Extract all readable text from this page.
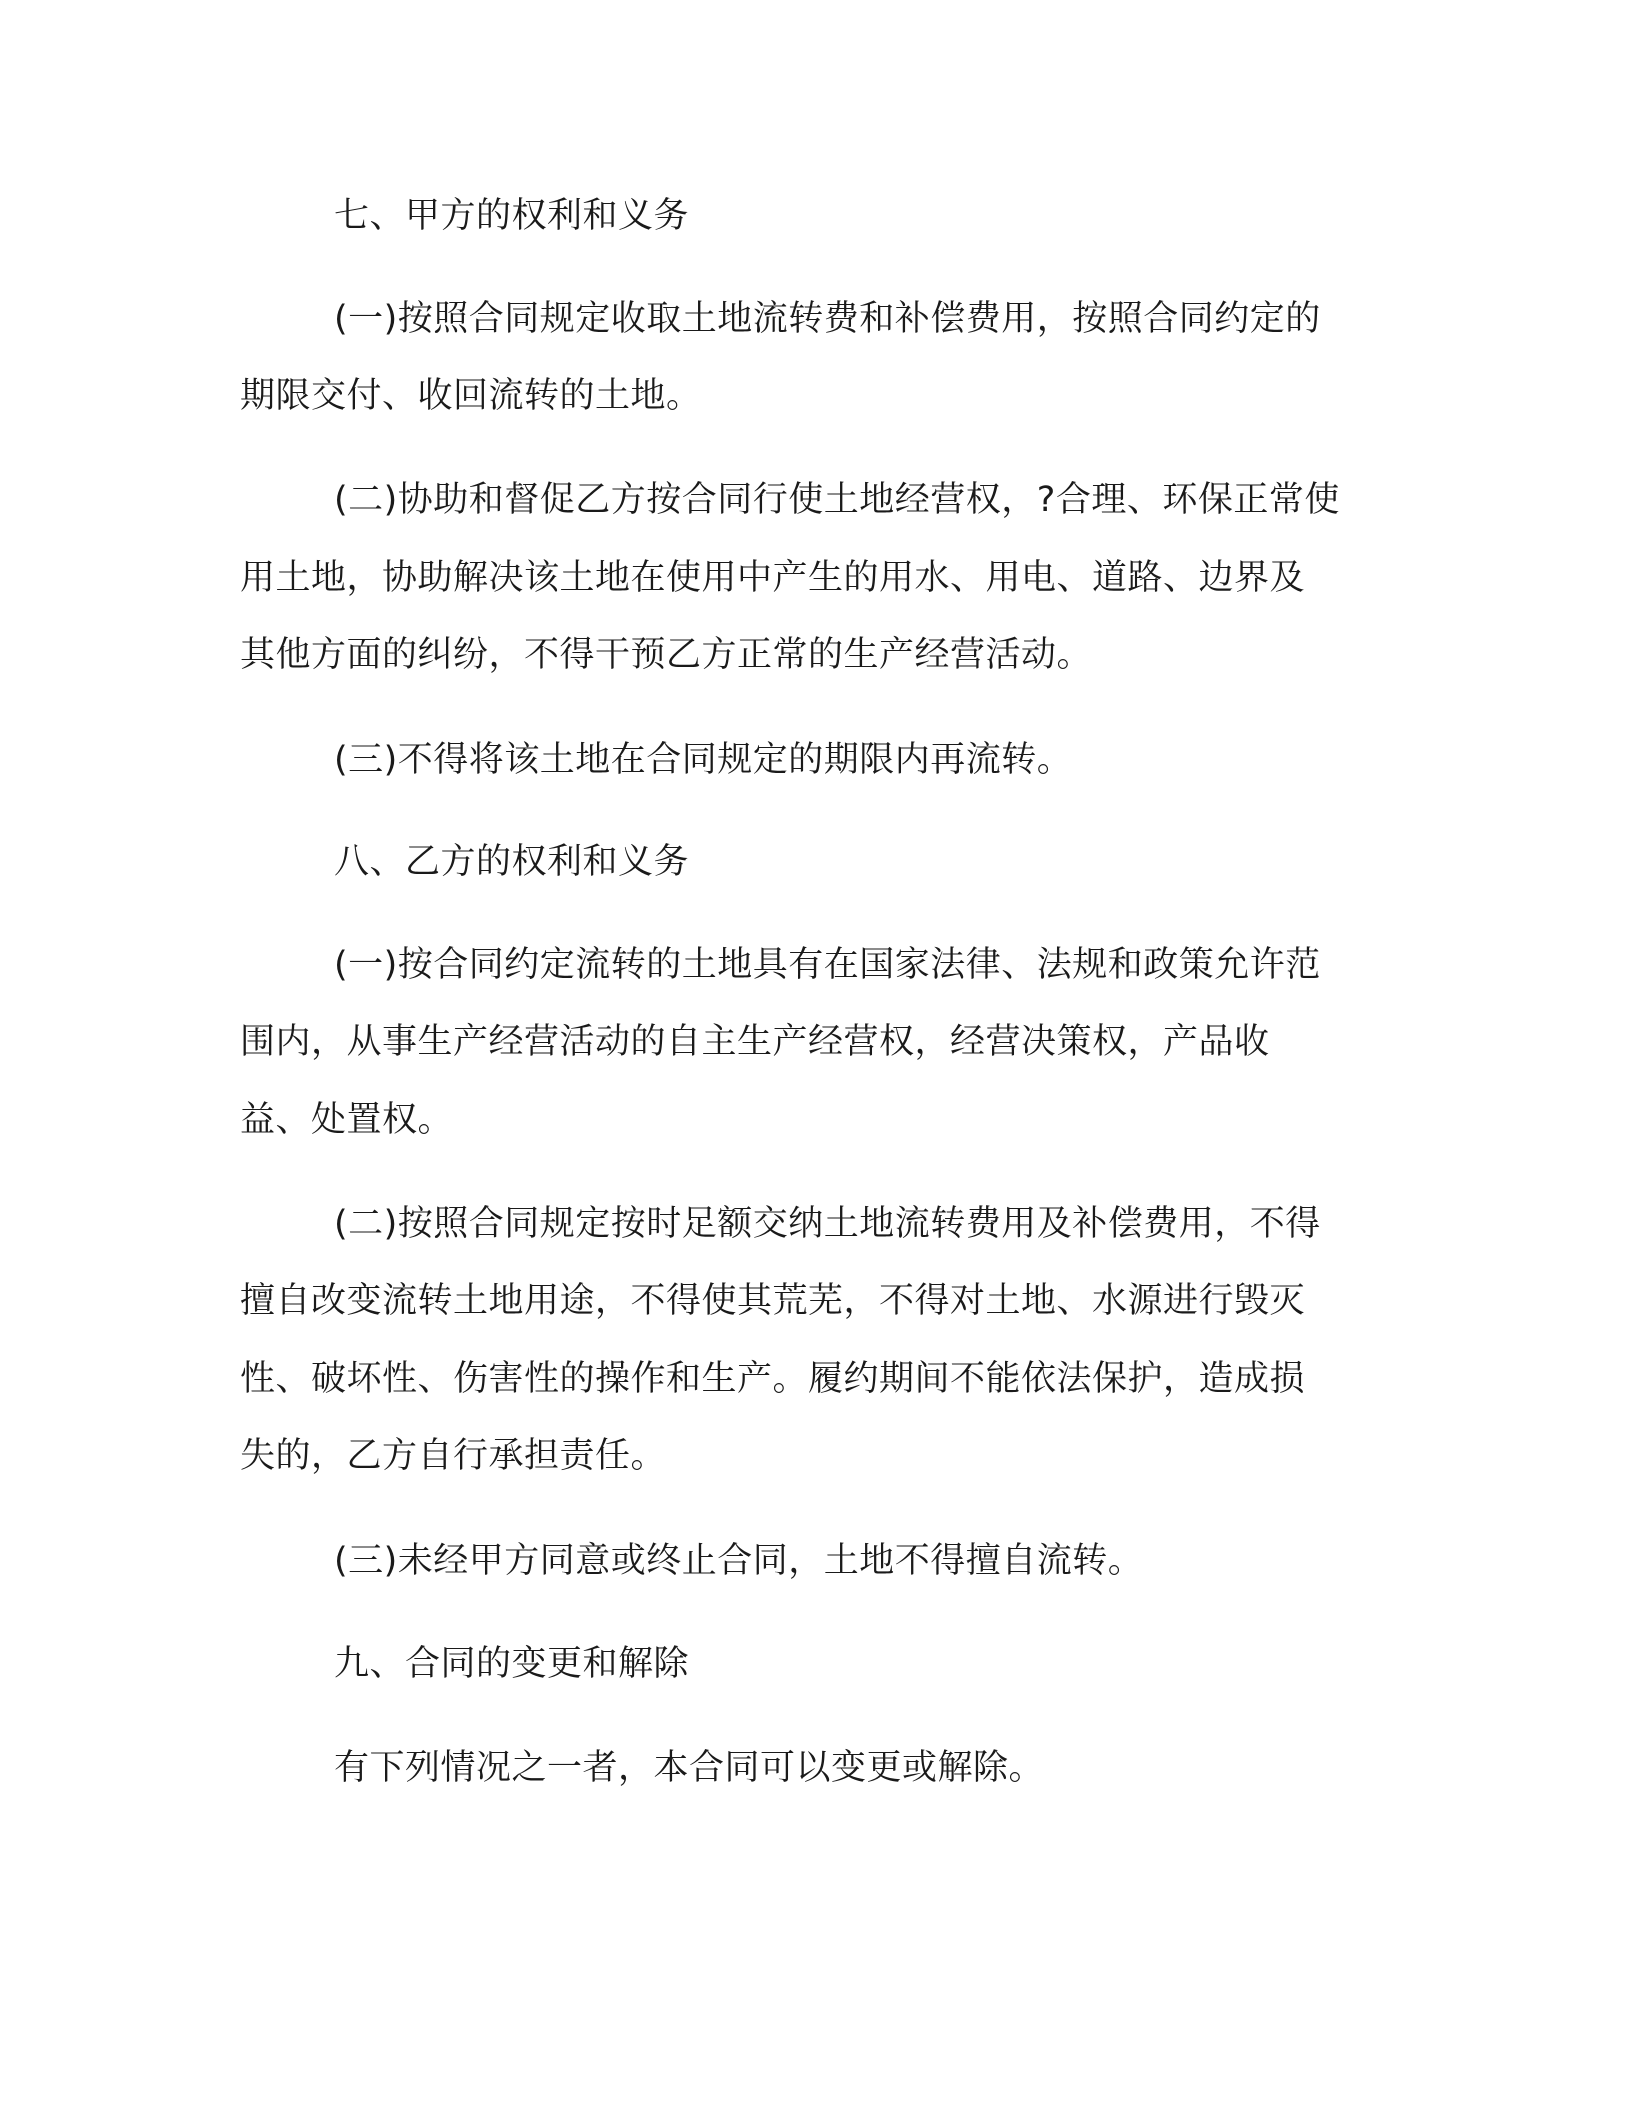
七、甲方的权利和义务
(一)按照合同规定收取土地流转费和补偿费用，按照合同约定的
期限交付、收回流转的土地。
(二)协助和督促乙方按合同行使土地经营权，?合理、环保正常使
用土地，协助解决该土地在使用中产生的用水、用电、道路、边界及
其他方面的纠纷，不得干预乙方正常的生产经营活动。
(三)不得将该土地在合同规定的期限内再流转。
八、乙方的权利和义务
(一)按合同约定流转的土地具有在国家法律、法规和政策允许范
围内，从事生产经营活动的自主生产经营权，经营决策权，产品收
益、处置权。
(二)按照合同规定按时足额交纳土地流转费用及补偿费用，不得
擅自改变流转土地用途，不得使其荒芜，不得对土地、水源进行毁灭
性、破坏性、伤害性的操作和生产。履约期间不能依法保护，造成损
失的，乙方自行承担责任。
(三)未经甲方同意或终止合同，土地不得擅自流转。
九、合同的变更和解除
有下列情况之一者，本合同可以变更或解除。
